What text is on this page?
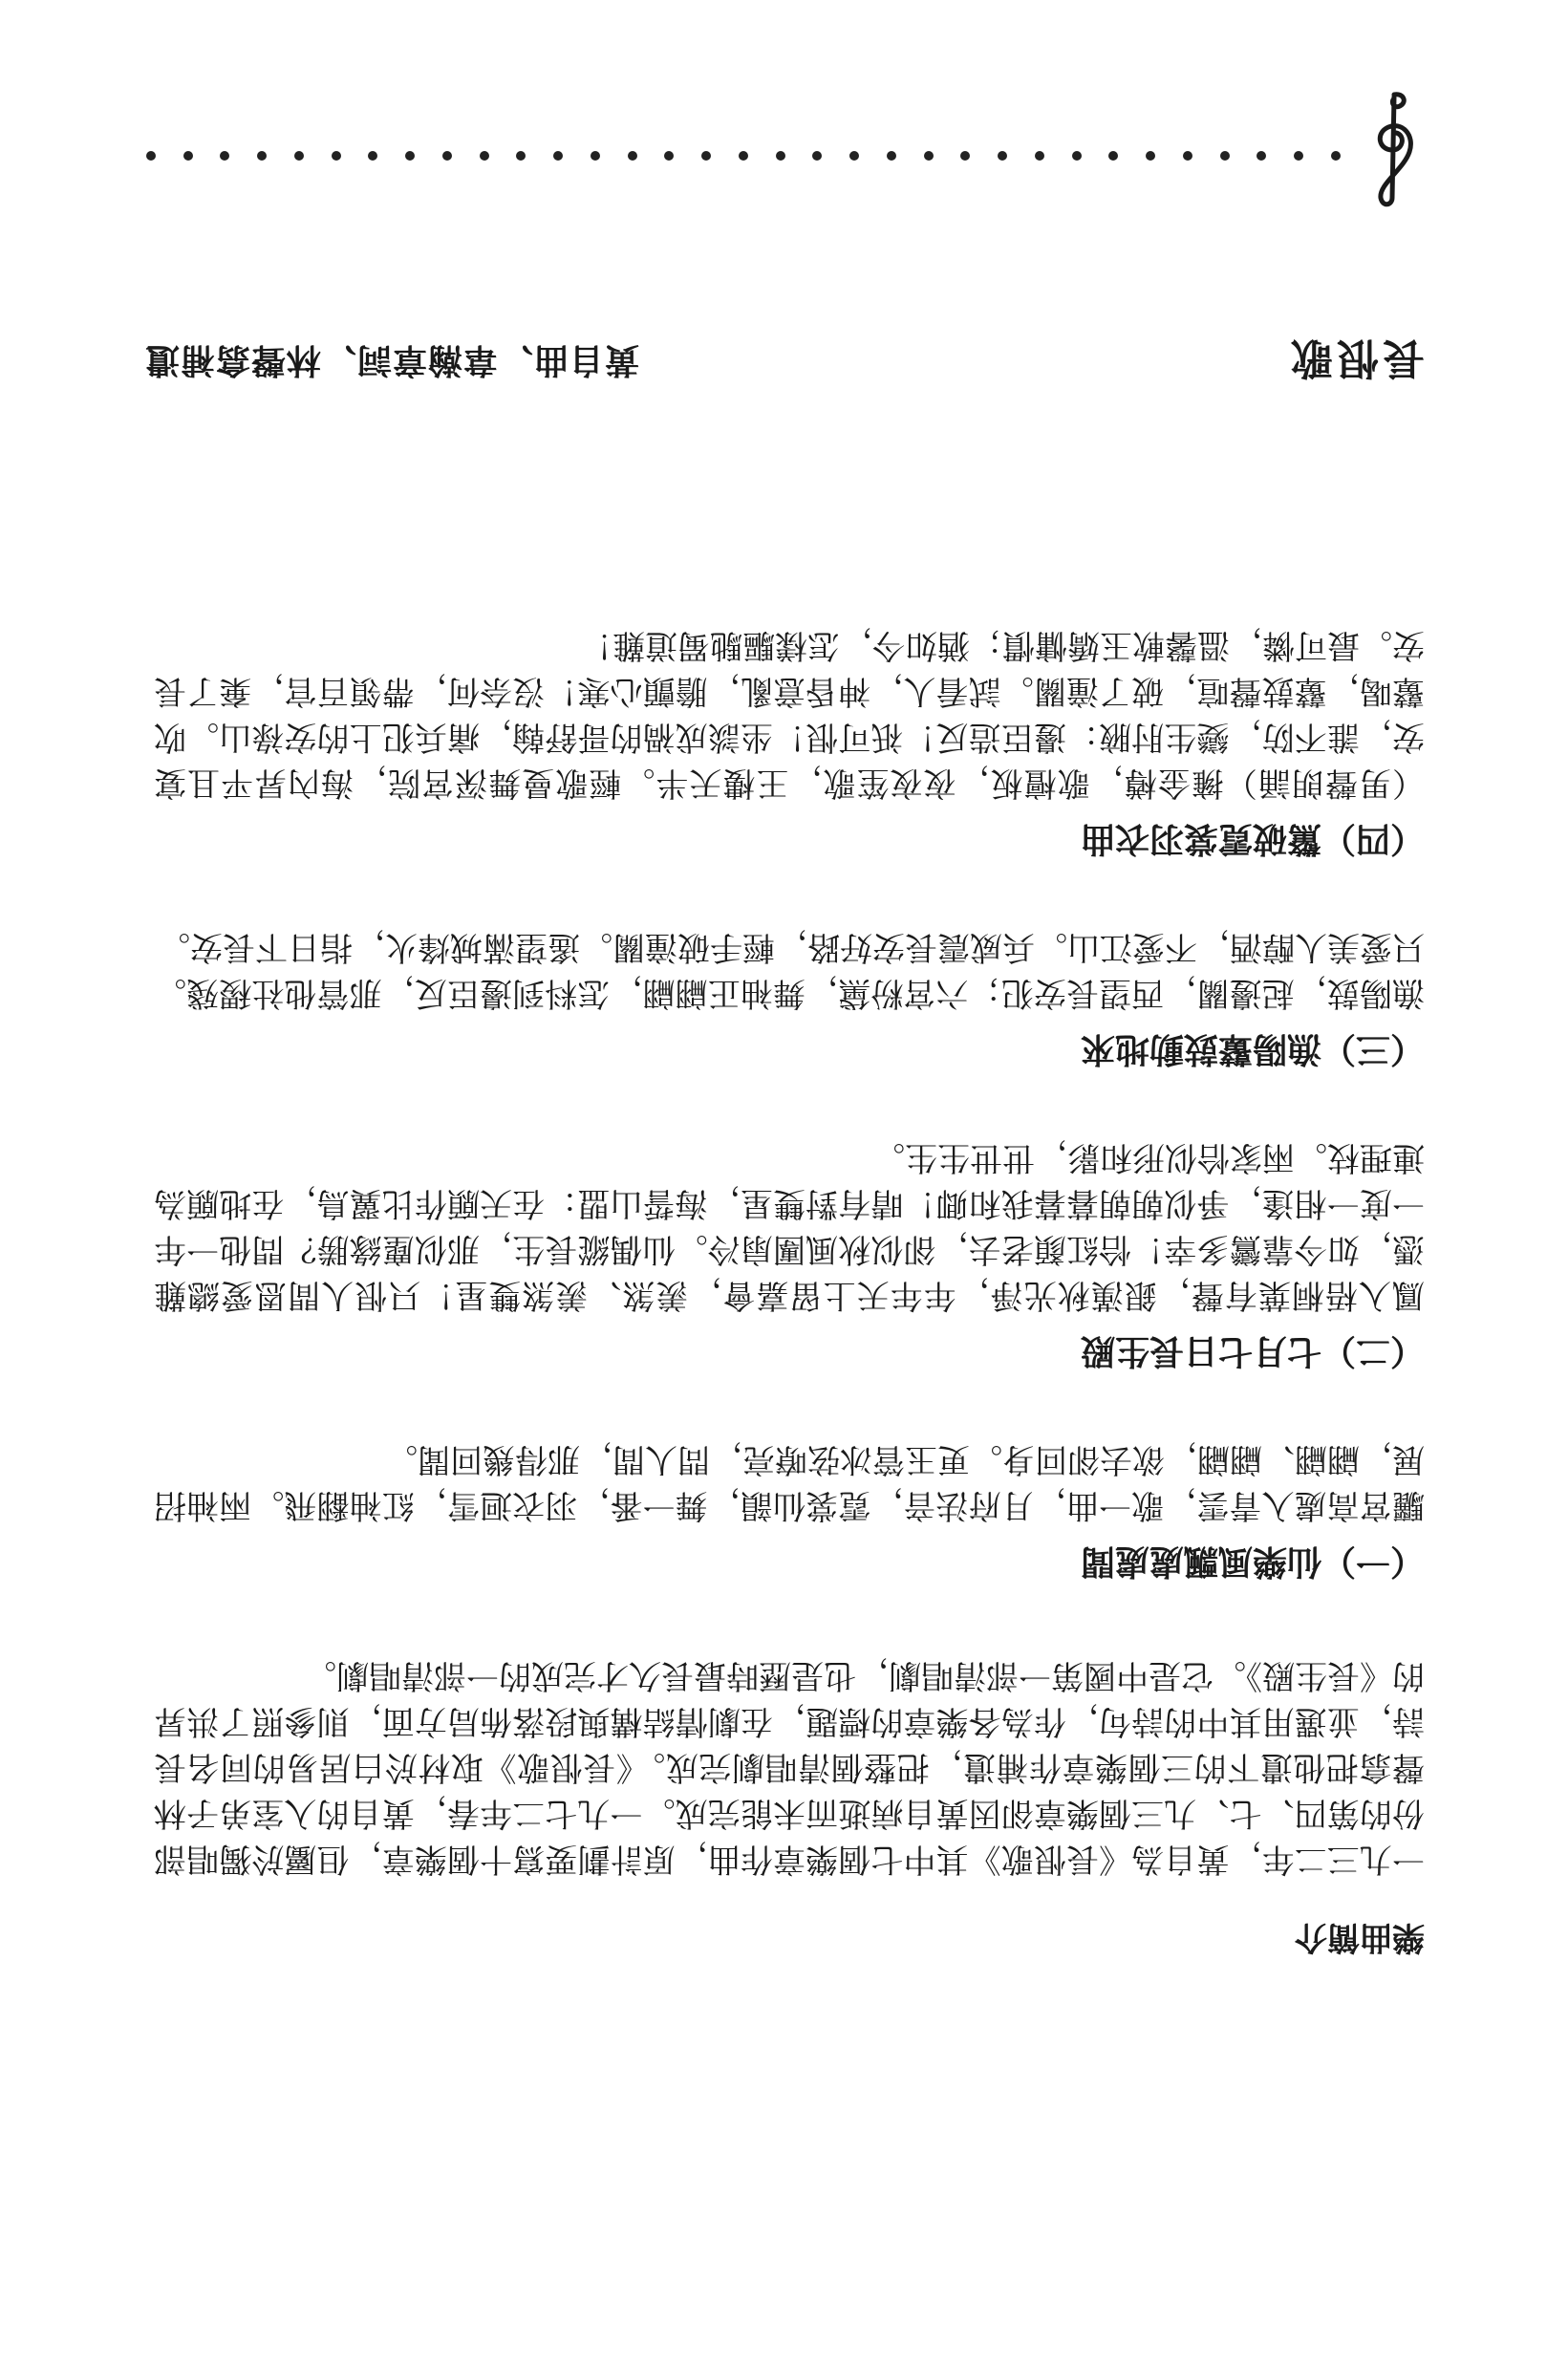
長恨歌
黃自曲、韋瀚章詞、林聲翕補遺
樂曲簡介
一九三二年，黃自為《長恨歌》其中七個樂章作曲，原計劃要寫十個樂章，但屬於獨唱部份的第四、七、九三個樂章卻因黃自病逝而未能完成。一九七二年春，黃自的入室弟子林聲翕把他遺下的三個樂章作補遺，把整個清唱劇完成。《長恨歌》取材於白居易的同名長詩，並選用其中的詩句，作為各樂章的標題，在劇情結構與段落佈局方面，則參照了洪昇的《長生殿》。它是中國第一部清唱劇，也是歷時最長久才完成的一部清唱劇。
（一）仙樂風飄處處聞
驪宮高處入青雲，歌一曲，月府法音，霓裳仙韻，舞一番，羽衣迴雪，紅袖翻飛。兩袖招展，翩翩、翩翩，欲去卻回身。更玉管冰弦嘹亮，問人間，那得幾回聞。
（二）七月七日長生殿
鳳入梧桐葉有聲，銀漢秋光淨，年年天上留嘉會，羨煞、羨煞雙星！只恨人間恩愛總難憑，如今靠鸞多幸！恰紅顏老去，卻似秋風團扇冷。仙偶縱長生，那似塵緣勝？問他一年一度一相逢，爭似朝朝暮暮我和卿！晴有對雙星，海誓山盟：在天願作比翼鳥，在地願為連理枝。兩家恰似形和影，世世生生。
（三）漁陽鼙鼓動地來
漁陽鼓，起邊關，西望長安犯；六宮粉黛，舞袖正翩翩，怎料到邊臣反，那管他社稷殘。只愛美人醇酒，不愛江山。兵威震長安好路，輕手破潼關。遙望滿城烽火，指日下長安。
（四）驚破霓裳羽衣曲
（男聲朗誦）擁金樽，歌檀板，夜夜笙歌，王樓天半。輕歌曼舞深宮院，海內昇平且宴安，誰不防，變生肘腋：邊臣造反！祇可恨！坐談成禍的哥舒翰，痛兵犯上的安祿山。吹鼙喝，鼙鼓聲喧，破了潼關。試看人，神昏意亂，膽顫心寒！沒奈何，帶領百官，棄了長安。最可憐，溫馨軟玉嬌慵慣；猶如今，怎樣驅馳蜀道難！
